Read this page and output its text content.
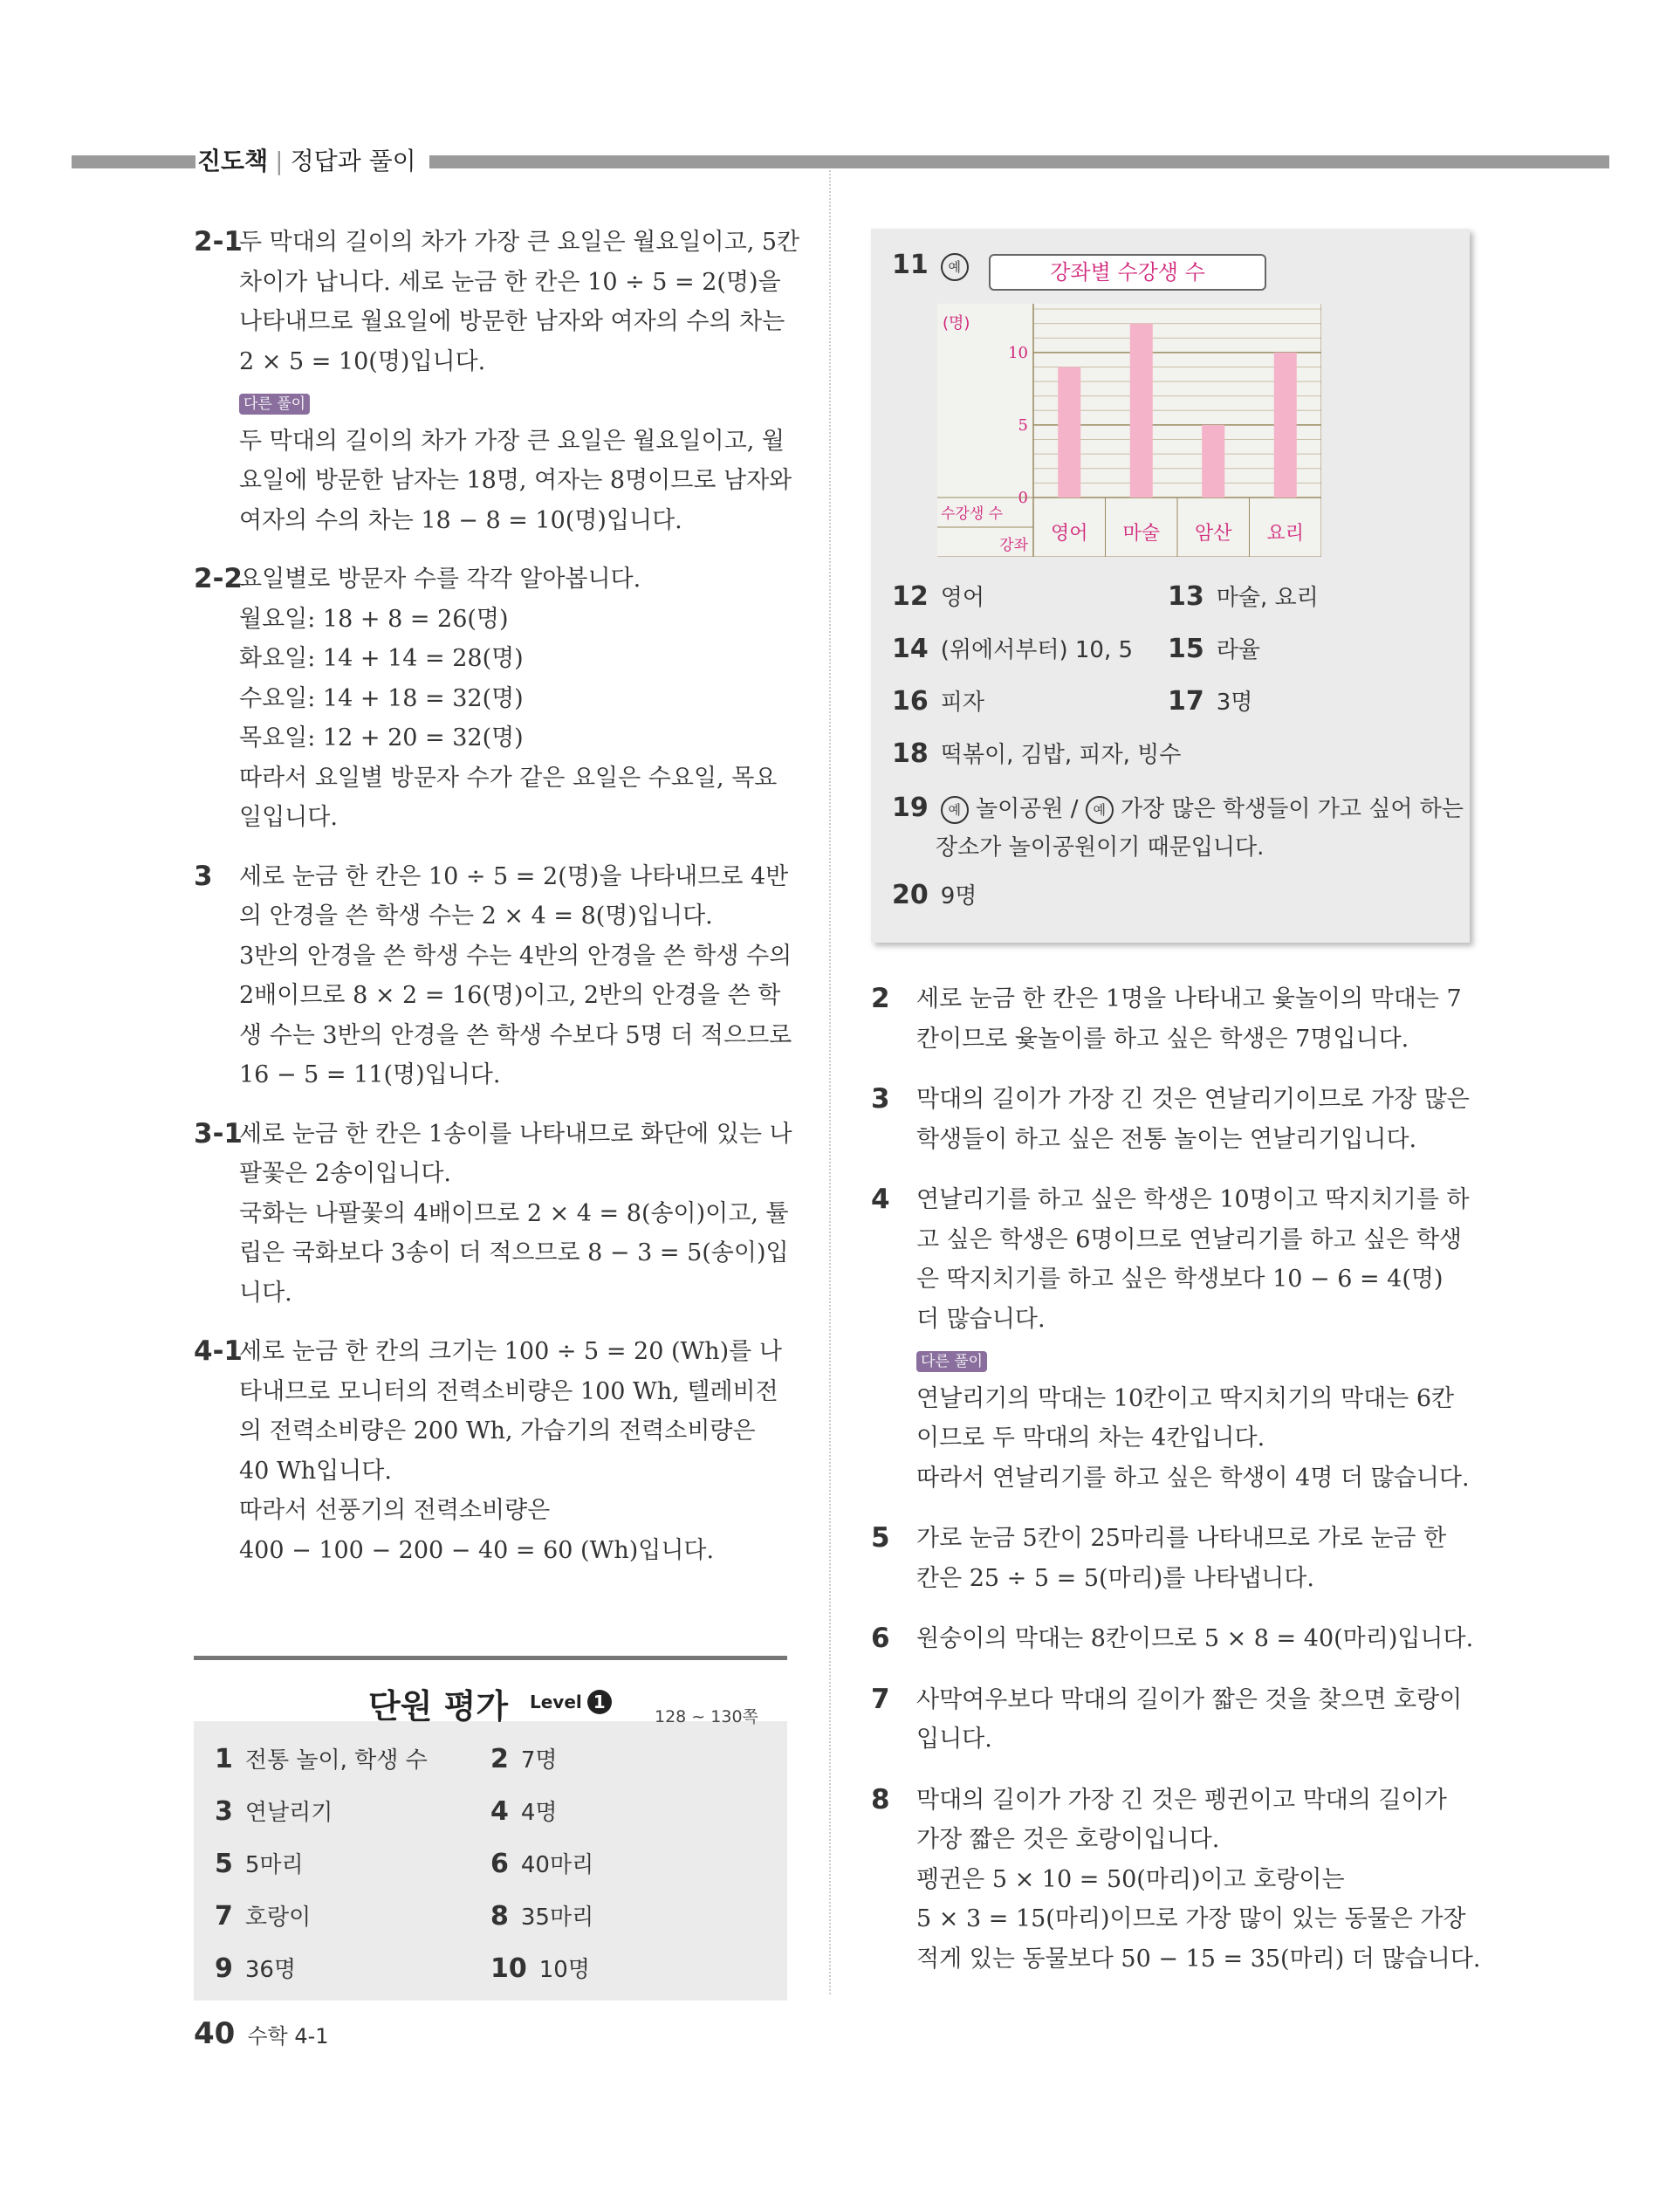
진도책 | 정답과 풀이
2-1
두 막대의 길이의 차가 가장 큰 요일은 월요일이고, 5칸
차이가 납니다. 세로 눈금 한 칸은 10 ÷ 5 = 2(명)을
나타내므로 월요일에 방문한 남자와 여자의 수의 차는
2 × 5 = 10(명)입니다.
다른 풀이
두 막대의 길이의 차가 가장 큰 요일은 월요일이고, 월
요일에 방문한 남자는 18명, 여자는 8명이므로 남자와
여자의 수의 차는 18 − 8 = 10(명)입니다.
2-2
요일별로 방문자 수를 각각 알아봅니다.
월요일: 18 + 8 = 26(명)
화요일: 14 + 14 = 28(명)
수요일: 14 + 18 = 32(명)
목요일: 12 + 20 = 32(명)
따라서 요일별 방문자 수가 같은 요일은 수요일, 목요
일입니다.
3 세로 눈금 한 칸은 10 ÷ 5 = 2(명)을 나타내므로 4반
의 안경을 쓴 학생 수는 2 × 4 = 8(명)입니다.
3반의 안경을 쓴 학생 수는 4반의 안경을 쓴 학생 수의
2배이므로 8 × 2 = 16(명)이고, 2반의 안경을 쓴 학
생 수는 3반의 안경을 쓴 학생 수보다 5명 더 적으므로
16 − 5 = 11(명)입니다.
3-1
세로 눈금 한 칸은 1송이를 나타내므로 화단에 있는 나
팔꽃은 2송이입니다.
국화는 나팔꽃의 4배이므로 2 × 4 = 8(송이)이고, 튤
립은 국화보다 3송이 더 적으므로 8 − 3 = 5(송이)입
니다.
4-1
세로 눈금 한 칸의 크기는 100 ÷ 5 = 20 (Wh)를 나
타내므로 모니터의 전력소비량은 100 Wh, 텔레비전
의 전력소비량은 200 Wh, 가습기의 전력소비량은
40 Wh입니다.
따라서 선풍기의 전력소비량은
400 − 100 − 200 − 40 = 60 (Wh)입니다.
단원 평가 Level 1
128 ~ 130쪽
1 전통 놀이, 학생 수 2 7명
3 연날리기	4 4명
5 5마리	6 40마리
7 호랑이	8 35마리
9 36명	10 10명
11 예	강좌별 수강생 수
영어 마술 암산 요리
0
5
10
(명)
수강생 수
강좌
12 영어	13 마술, 요리
14 (위에서부터) 10, 5 15 라율
16 피자	17 3명
18 떡볶이, 김밥, 피자, 빙수
20 9명
19 예 놀이공원 / 예 가장 많은 학생들이 가고 싶어 하는
장소가 놀이공원이기 때문입니다.
2 세로 눈금 한 칸은 1명을 나타내고 윷놀이의 막대는 7
칸이므로 윷놀이를 하고 싶은 학생은 7명입니다.
3 막대의 길이가 가장 긴 것은 연날리기이므로 가장 많은
학생들이 하고 싶은 전통 놀이는 연날리기입니다.
4 연날리기를 하고 싶은 학생은 10명이고 딱지치기를 하
고 싶은 학생은 6명이므로 연날리기를 하고 싶은 학생
은 딱지치기를 하고 싶은 학생보다 10 − 6 = 4(명)
더 많습니다.
다른 풀이
연날리기의 막대는 10칸이고 딱지치기의 막대는 6칸
이므로 두 막대의 차는 4칸입니다.
따라서 연날리기를 하고 싶은 학생이 4명 더 많습니다.
5 가로 눈금 5칸이 25마리를 나타내므로 가로 눈금 한
칸은 25 ÷ 5 = 5(마리)를 나타냅니다.
6 원숭이의 막대는 8칸이므로 5 × 8 = 40(마리)입니다.
7 사막여우보다 막대의 길이가 짧은 것을 찾으면 호랑이
입니다.
8 막대의 길이가 가장 긴 것은 펭귄이고 막대의 길이가
가장 짧은 것은 호랑이입니다.
펭귄은 5 × 10 = 50(마리)이고 호랑이는
5 × 3 = 15(마리)이므로 가장 많이 있는 동물은 가장
적게 있는 동물보다 50 − 15 = 35(마리) 더 많습니다.
40 수학 4-1
